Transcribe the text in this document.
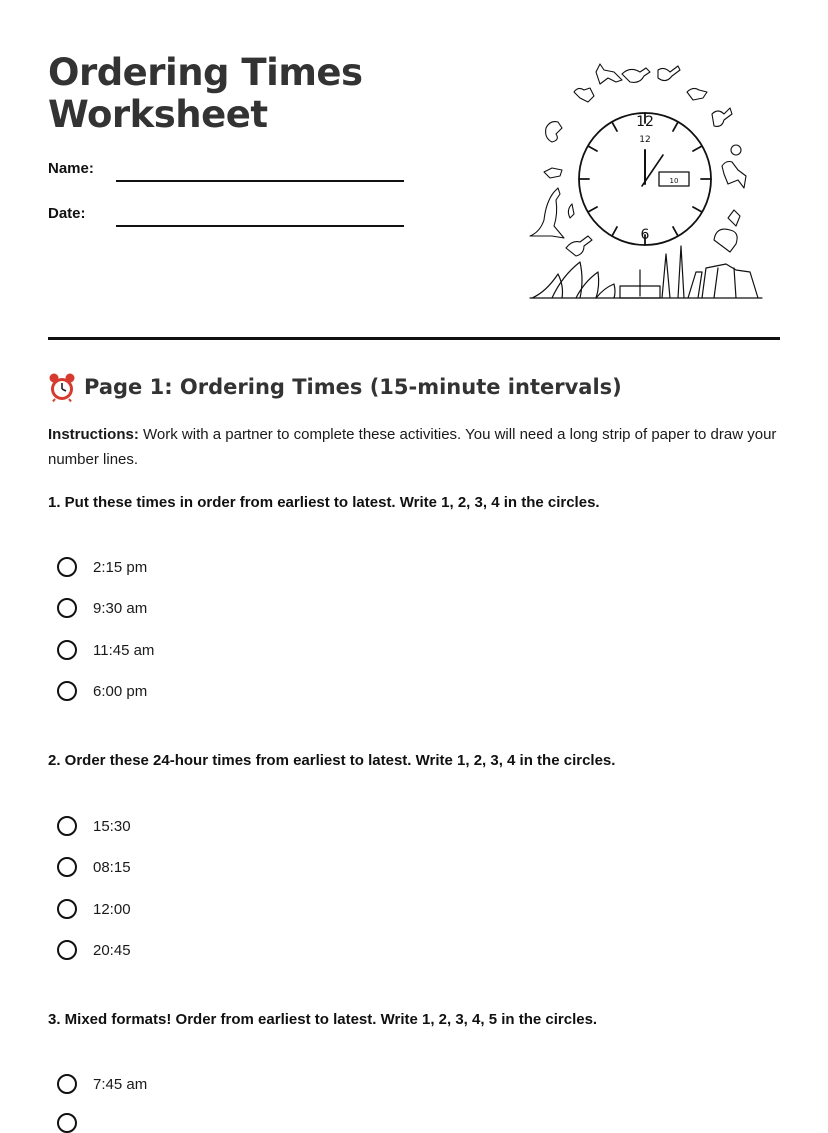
Ordering Times
Worksheet
Name:
Date:
12
12
6
10
Page 1: Ordering Times (15-minute intervals)

Instructions: Work with a partner to complete these activities. You will need a long strip of paper to draw your number lines.

1. Put these times in order from earliest to latest. Write 1, 2, 3, 4 in the circles.

2:15 pm
9:30 am
11:45 am
6:00 pm

2. Order these 24-hour times from earliest to latest. Write 1, 2, 3, 4 in the circles.

15:30
08:15
12:00
20:45

3. Mixed formats! Order from earliest to latest. Write 1, 2, 3, 4, 5 in the circles.

7:45 am
